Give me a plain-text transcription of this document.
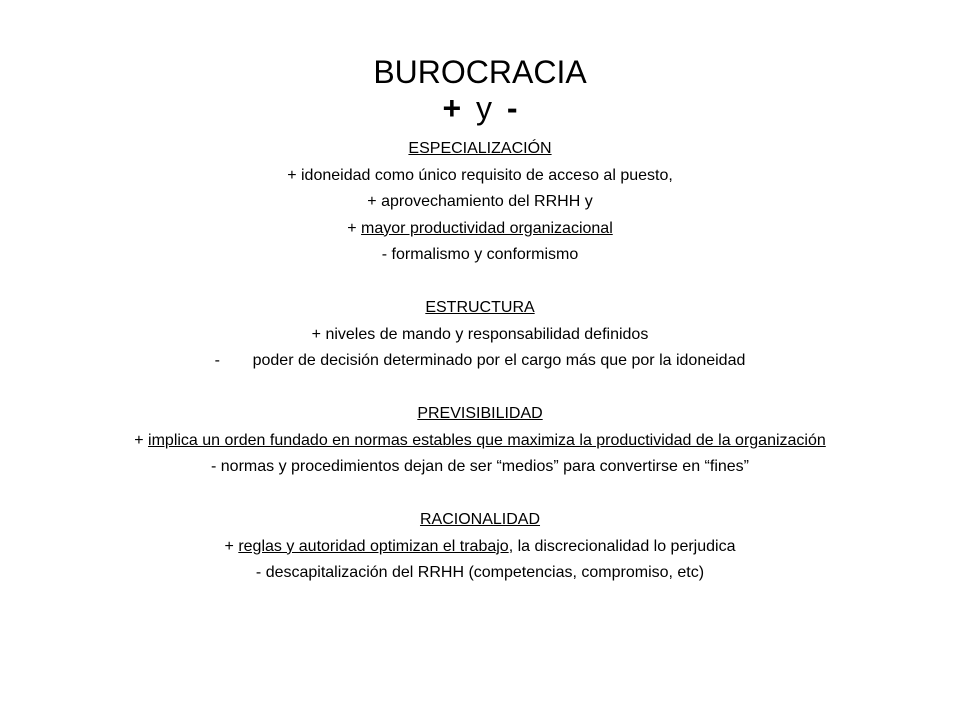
BUROCRACIA
+ y -
ESPECIALIZACIÓN
+ idoneidad como único requisito de acceso al puesto,
+ aprovechamiento del RRHH y
+ mayor productividad organizacional
- formalismo y conformismo
ESTRUCTURA
+ niveles de mando y responsabilidad definidos
- poder de decisión determinado por el cargo más que por la idoneidad
PREVISIBILIDAD
+ implica un orden fundado en normas estables que maximiza la productividad de la organización
- normas y procedimientos dejan de ser “medios” para convertirse en “fines”
RACIONALIDAD
+ reglas y autoridad optimizan el trabajo, la discrecionalidad lo perjudica
- descapitalización del RRHH (competencias, compromiso, etc)
